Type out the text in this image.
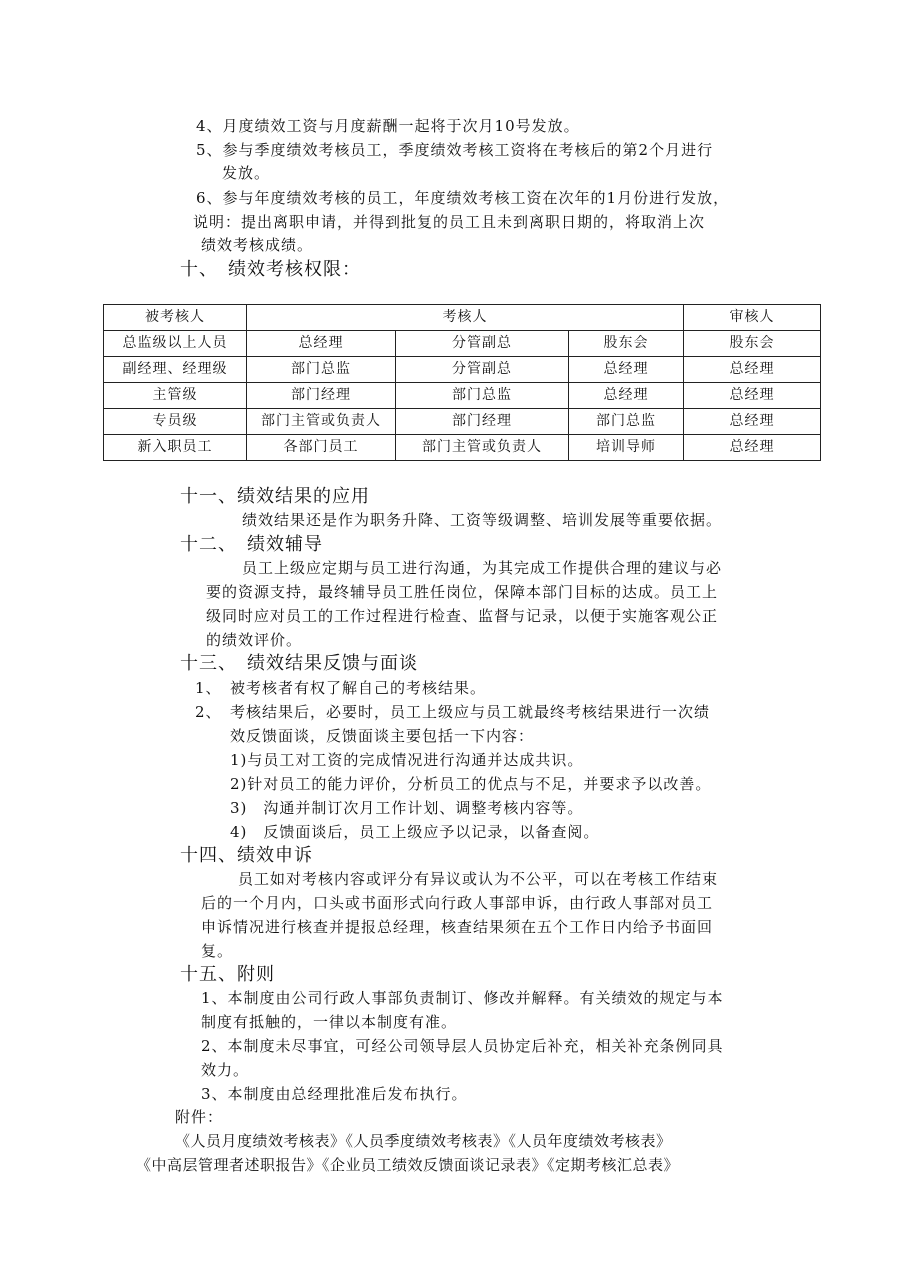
4、月度绩效工资与月度薪酬一起将于次月10号发放。
5、参与季度绩效考核员工，季度绩效考核工资将在考核后的第2个月进行
发放。
6、参与年度绩效考核的员工，年度绩效考核工资在次年的1月份进行发放，
说明：提出离职申请，并得到批复的员工且未到离职日期的，将取消上次
绩效考核成绩。
十、　绩效考核权限：
被考核人	考核人			审核人
总监级以上人员	总经理	分管副总	股东会	股东会
副经理、经理级	部门总监	分管副总	总经理	总经理
主管级	部门经理	部门总监	总经理	总经理
专员级	部门主管或负责人	部门经理	部门总监	总经理
新入职员工	各部门员工	部门主管或负责人	培训导师	总经理
十一、绩效结果的应用
绩效结果还是作为职务升降、工资等级调整、培训发展等重要依据。
十二、　绩效辅导
员工上级应定期与员工进行沟通，为其完成工作提供合理的建议与必
要的资源支持，最终辅导员工胜任岗位，保障本部门目标的达成。员工上
级同时应对员工的工作过程进行检查、监督与记录，以便于实施客观公正
的绩效评价。
十三、　绩效结果反馈与面谈
1、　被考核者有权了解自己的考核结果。
2、　考核结果后，必要时，员工上级应与员工就最终考核结果进行一次绩
效反馈面谈，反馈面谈主要包括一下内容：
1)与员工对工资的完成情况进行沟通并达成共识。
2)针对员工的能力评价，分析员工的优点与不足，并要求予以改善。
3)　沟通并制订次月工作计划、调整考核内容等。
4)　反馈面谈后，员工上级应予以记录，以备查阅。
十四、绩效申诉
员工如对考核内容或评分有异议或认为不公平，可以在考核工作结束
后的一个月内，口头或书面形式向行政人事部申诉，由行政人事部对员工
申诉情况进行核查并提报总经理，核查结果须在五个工作日内给予书面回
复。
十五、附则
1、本制度由公司行政人事部负责制订、修改并解释。有关绩效的规定与本
制度有抵触的，一律以本制度有准。
2、本制度未尽事宜，可经公司领导层人员协定后补充，相关补充条例同具
效力。
3、本制度由总经理批准后发布执行。
附件：
《人员月度绩效考核表》《人员季度绩效考核表》《人员年度绩效考核表》
《中高层管理者述职报告》《企业员工绩效反馈面谈记录表》《定期考核汇总表》
